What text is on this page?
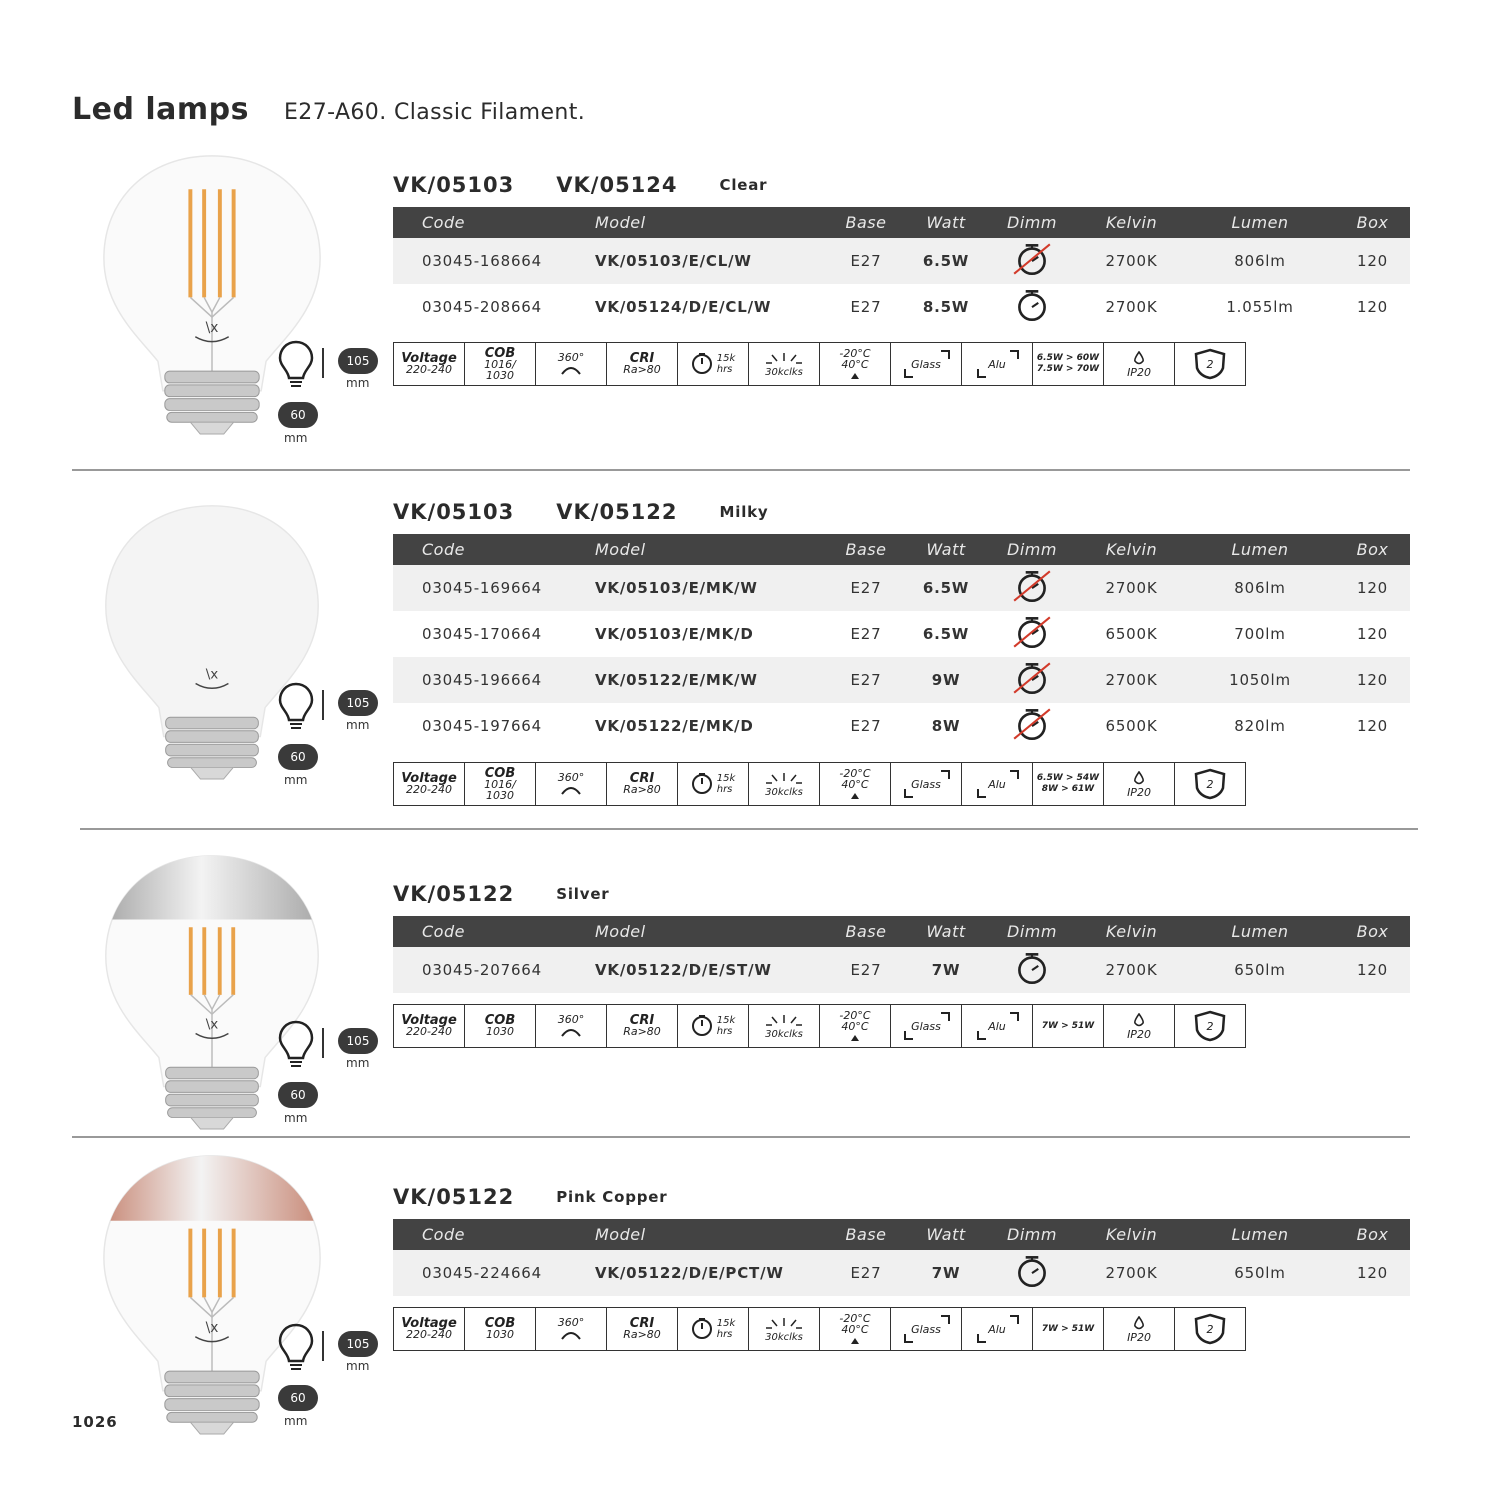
Led lamps E27-A60. Classic Filament.
\x
105
mm
60
mm
VK/05103 VK/05124	Clear
Code	Model	Base	Watt	Dimm	Kelvin	Lumen	Box
03045-168664	VK/05103/E/CL/W	E27	6.5W		2700K	806lm	120
03045-208664	VK/05124/D/E/CL/W	E27	8.5W		2700K	1.055lm	120
Voltage
220-240
COB
1016/ 1030
360°	CRI
Ra>80
15k
hrs	30kclks
-20°C
40°C	Glass	Alu	6.5W > 60W
7.5W > 70W	IP20
2
\x
105
mm
60
mm
VK/05103 VK/05122	Milky
Code	Model	Base	Watt	Dimm	Kelvin	Lumen	Box
03045-169664	VK/05103/E/MK/W	E27	6.5W		2700K	806lm	120
03045-170664	VK/05103/E/MK/D	E27	6.5W		6500K	700lm	120
03045-196664	VK/05122/E/MK/W	E27	9W		2700K	1050lm	120
03045-197664	VK/05122/E/MK/D	E27	8W		6500K	820lm	120
Voltage
220-240
COB
1016/ 1030
360°	CRI
Ra>80
15k
hrs	30kclks
-20°C
40°C	Glass	Alu	6.5W > 54W
8W > 61W	IP20
2
\x
105
mm
60
mm
VK/05122	Silver
Code	Model	Base	Watt	Dimm	Kelvin	Lumen	Box
03045-207664	VK/05122/D/E/ST/W	E27	7W		2700K	650lm	120
Voltage
220-240
COB
1030
360°	CRI
Ra>80
15k
hrs	30kclks
-20°C
40°C	Glass	Alu	7W > 51W
IP20
2
\x
105
mm
60
mm
VK/05122	Pink Copper
Code	Model	Base	Watt	Dimm	Kelvin	Lumen	Box
03045-224664	VK/05122/D/E/PCT/W	E27	7W		2700K	650lm	120
Voltage
220-240
COB
1030
360°	CRI
Ra>80
15k
hrs	30kclks
-20°C
40°C	Glass	Alu	7W > 51W
IP20
2
1026
